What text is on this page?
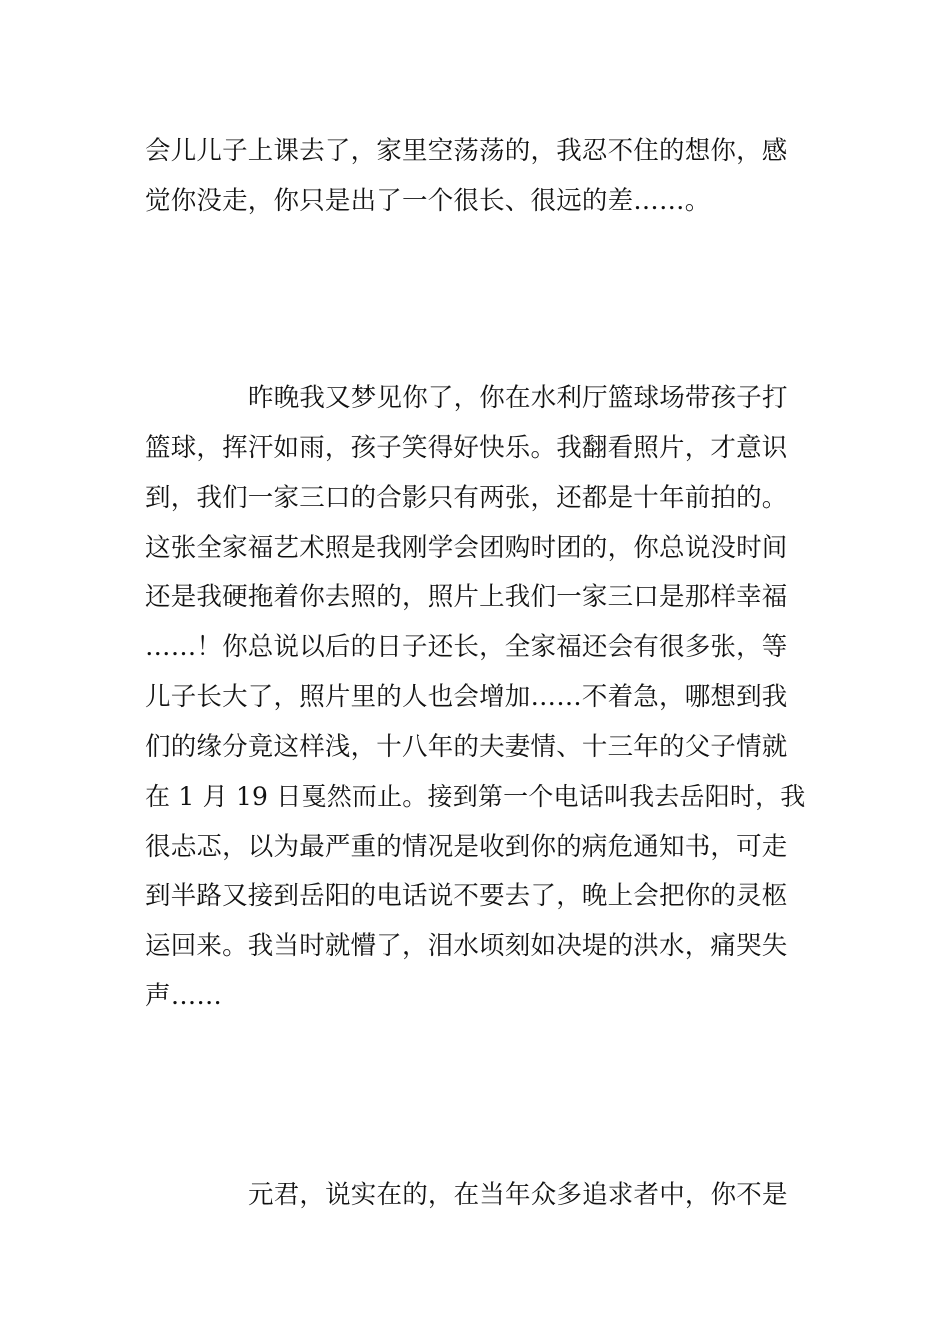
会儿儿子上课去了，家里空荡荡的，我忍不住的想你，感
觉你没走，你只是出了一个很长、很远的差……。
昨晚我又梦见你了，你在水利厅篮球场带孩子打
篮球，挥汗如雨，孩子笑得好快乐。我翻看照片，才意识
到，我们一家三口的合影只有两张，还都是十年前拍的。
这张全家福艺术照是我刚学会团购时团的，你总说没时间
还是我硬拖着你去照的，照片上我们一家三口是那样幸福
……！你总说以后的日子还长，全家福还会有很多张，等
儿子长大了，照片里的人也会增加……不着急，哪想到我
们的缘分竟这样浅，十八年的夫妻情、十三年的父子情就
在 1 月 19 日戛然而止。接到第一个电话叫我去岳阳时，我
很忐忑，以为最严重的情况是收到你的病危通知书，可走
到半路又接到岳阳的电话说不要去了，晚上会把你的灵柩
运回来。我当时就懵了，泪水顷刻如决堤的洪水，痛哭失
声……
元君，说实在的，在当年众多追求者中，你不是
